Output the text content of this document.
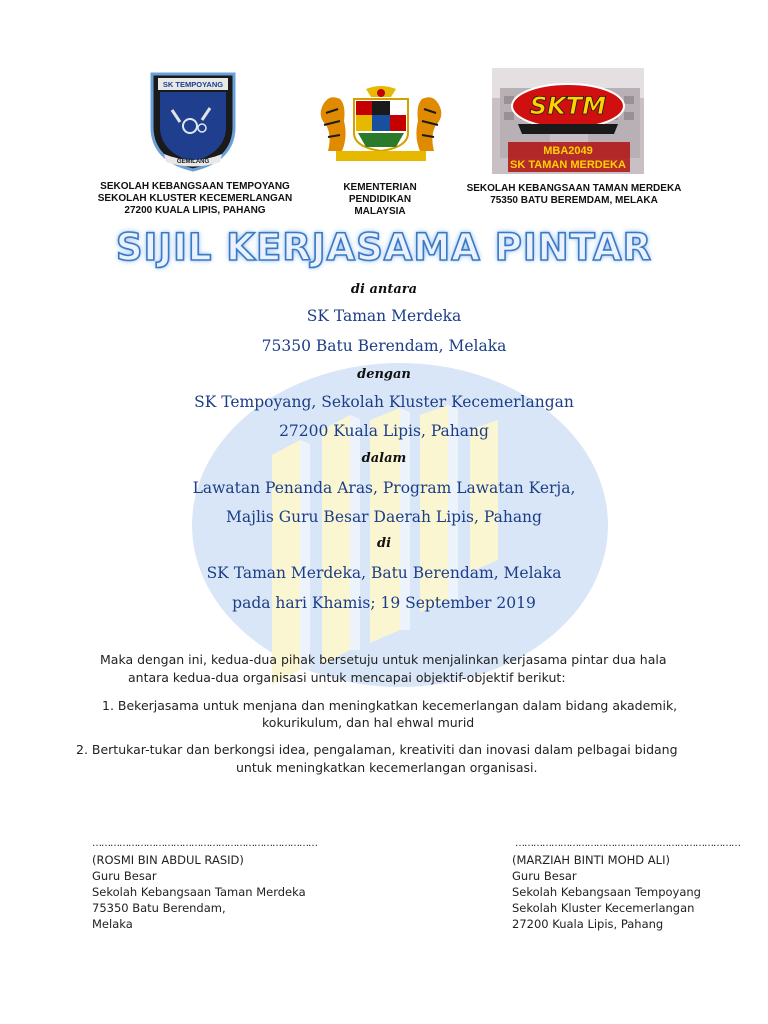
SK TEMPOYANG
GEMILANG
SKTM
MBA2049
SK TAMAN MERDEKA
SEKOLAH KEBANGSAAN TEMPOYANG
SEKOLAH KLUSTER KECEMERLANGAN
27200 KUALA LIPIS, PAHANG
KEMENTERIAN
PENDIDIKAN
MALAYSIA
SEKOLAH KEBANGSAAN TAMAN MERDEKA
75350 BATU BEREMDAM, MELAKA
SIJIL KERJASAMA PINTAR
di antara
SK Taman Merdeka
75350 Batu Berendam, Melaka
dengan
SK Tempoyang, Sekolah Kluster Kecemerlangan
27200 Kuala Lipis, Pahang
dalam
Lawatan Penanda Aras, Program Lawatan Kerja,
Majlis Guru Besar Daerah Lipis, Pahang
di
SK Taman Merdeka, Batu Berendam, Melaka
pada hari Khamis; 19 September 2019
Maka dengan ini, kedua-dua pihak bersetuju untuk menjalinkan kerjasama pintar dua hala
antara kedua-dua organisasi untuk mencapai objektif-objektif berikut:
1. Bekerjasama untuk menjana dan meningkatkan kecemerlangan dalam bidang akademik,
kokurikulum, dan hal ehwal murid
2. Bertukar-tukar dan berkongsi idea, pengalaman, kreativiti dan inovasi dalam pelbagai bidang
untuk meningkatkan kecemerlangan organisasi.
…………………………………………………………………
(ROSMI BIN ABDUL RASID)
Guru Besar
Sekolah Kebangsaan Taman Merdeka
75350 Batu Berendam,
Melaka
…………………………………………………………………
(MARZIAH BINTI MOHD ALI)
Guru Besar
Sekolah Kebangsaan Tempoyang
Sekolah Kluster Kecemerlangan
27200 Kuala Lipis, Pahang
